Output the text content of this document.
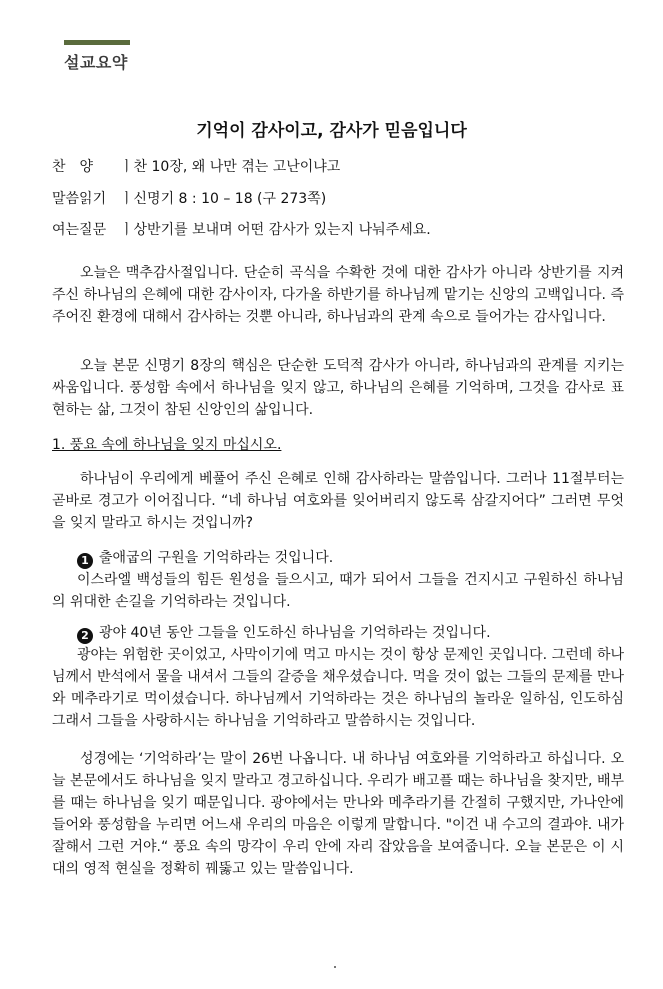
설교요약
기억이 감사이고, 감사가 믿음입니다
찬양 ㅣ찬 10장, 왜 나만 겪는 고난이냐고
말씀읽기 ㅣ신명기 8 : 10 – 18 (구 273쪽)
여는질문 ㅣ상반기를 보내며 어떤 감사가 있는지 나눠주세요.
오늘은 맥추감사절입니다. 단순히 곡식을 수확한 것에 대한 감사가 아니라 상반기를 지켜주신 하나님의 은혜에 대한 감사이자, 다가올 하반기를 하나님께 맡기는 신앙의 고백입니다. 즉 주어진 환경에 대해서 감사하는 것뿐 아니라, 하나님과의 관계 속으로 들어가는 감사입니다.
오늘 본문 신명기 8장의 핵심은 단순한 도덕적 감사가 아니라, 하나님과의 관계를 지키는 싸움입니다. 풍성함 속에서 하나님을 잊지 않고, 하나님의 은혜를 기억하며, 그것을 감사로 표현하는 삶, 그것이 참된 신앙인의 삶입니다.
1. 풍요 속에 하나님을 잊지 마십시오.
하나님이 우리에게 베풀어 주신 은혜로 인해 감사하라는 말씀입니다. 그러나 11절부터는 곧바로 경고가 이어집니다. “네 하나님 여호와를 잊어버리지 않도록 삼갈지어다” 그러면 무엇을 잊지 말라고 하시는 것입니까?
1 출애굽의 구원을 기억하라는 것입니다.
이스라엘 백성들의 힘든 원성을 들으시고, 때가 되어서 그들을 건지시고 구원하신 하나님의 위대한 손길을 기억하라는 것입니다.
2 광야 40년 동안 그들을 인도하신 하나님을 기억하라는 것입니다.
광야는 위험한 곳이었고, 사막이기에 먹고 마시는 것이 항상 문제인 곳입니다. 그런데 하나님께서 반석에서 물을 내셔서 그들의 갈증을 채우셨습니다. 먹을 것이 없는 그들의 문제를 만나와 메추라기로 먹이셨습니다. 하나님께서 기억하라는 것은 하나님의 놀라운 일하심, 인도하심 그래서 그들을 사랑하시는 하나님을 기억하라고 말씀하시는 것입니다.
성경에는 ‘기억하라’는 말이 26번 나옵니다. 내 하나님 여호와를 기억하라고 하십니다. 오늘 본문에서도 하나님을 잊지 말라고 경고하십니다. 우리가 배고플 때는 하나님을 찾지만, 배부를 때는 하나님을 잊기 때문입니다. 광야에서는 만나와 메추라기를 간절히 구했지만, 가나안에 들어와 풍성함을 누리면 어느새 우리의 마음은 이렇게 말합니다. "이건 내 수고의 결과야. 내가 잘해서 그런 거야.“ 풍요 속의 망각이 우리 안에 자리 잡았음을 보여줍니다. 오늘 본문은 이 시대의 영적 현실을 정확히 꿰뚫고 있는 말씀입니다.
